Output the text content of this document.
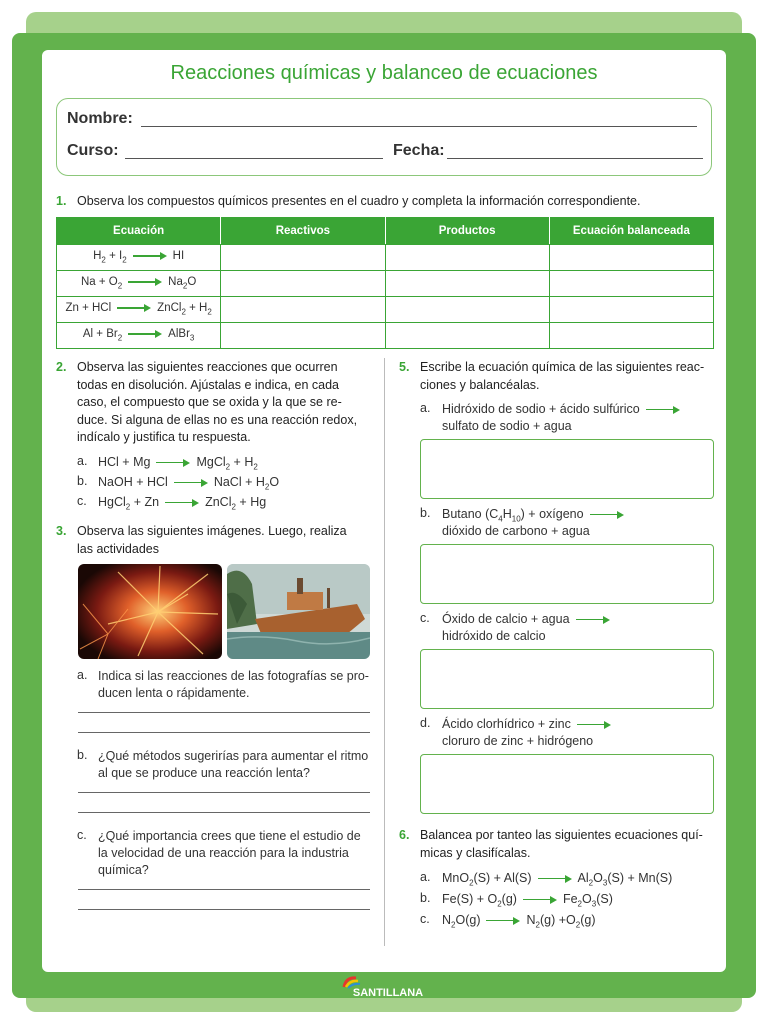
Reacciones químicas y balanceo de ecuaciones
Nombre:
Curso:	Fecha:
1. Observa los compuestos químicos presentes en el cuadro y completa la información correspondiente.
Ecuación	Reactivos	Productos	Ecuación balanceada
$H_2 + I_2$ HI			
$Na + O_2$ $Na_2O$			
Zn + HCl ZnCl$_2$ + $H_2$			
$Al + Br_2$ AlBr$_3$			
2. Observa las siguientes reacciones que ocurren
todas en disolución. Ajústalas e indica, en cada
caso, el compuesto que se oxida y la que se re-
duce. Si alguna de ellas no es una reacción redox,
indícalo y justifica tu respuesta.
a. HCl + Mg	MgCl$_2$ + $H_2$
b. NaOH + HCl	NaCl + $H_2O$
c. HgCl$_2$ + Zn	ZnCl$_2$ + Hg
3. Observa las siguientes imágenes. Luego, realiza
las actividades
a. Indica si las reacciones de las fotografías se pro-
ducen lenta o rápidamente.
b. ¿Qué métodos sugerirías para aumentar el ritmo
al que se produce una reacción lenta?
c. ¿Qué importancia crees que tiene el estudio de
la velocidad de una reacción para la industria
química?
5. Escribe la ecuación química de las siguientes reac-
ciones y balancéalas.
a. Hidróxido de sodio + ácido sulfúrico
sulfato de sodio + agua
b. Butano $(C_4H_{10})$ + oxígeno
dióxido de carbono + agua
c. Óxido de calcio + agua
hidróxido de calcio
d. Ácido clorhídrico + zinc
cloruro de zinc + hidrógeno
6. Balancea por tanteo las siguientes ecuaciones quí-
micas y clasifícalas.
a. MnO$_2$(S) + Al(S)	$Al_2O_3(S) + Mn(S)$
b. $Fe(S) + O_2(g)$	$Fe_2O_3(S)$
c. $N_2O(g)$	$N_2(g) +O_2(g)$
SANTILLANA
